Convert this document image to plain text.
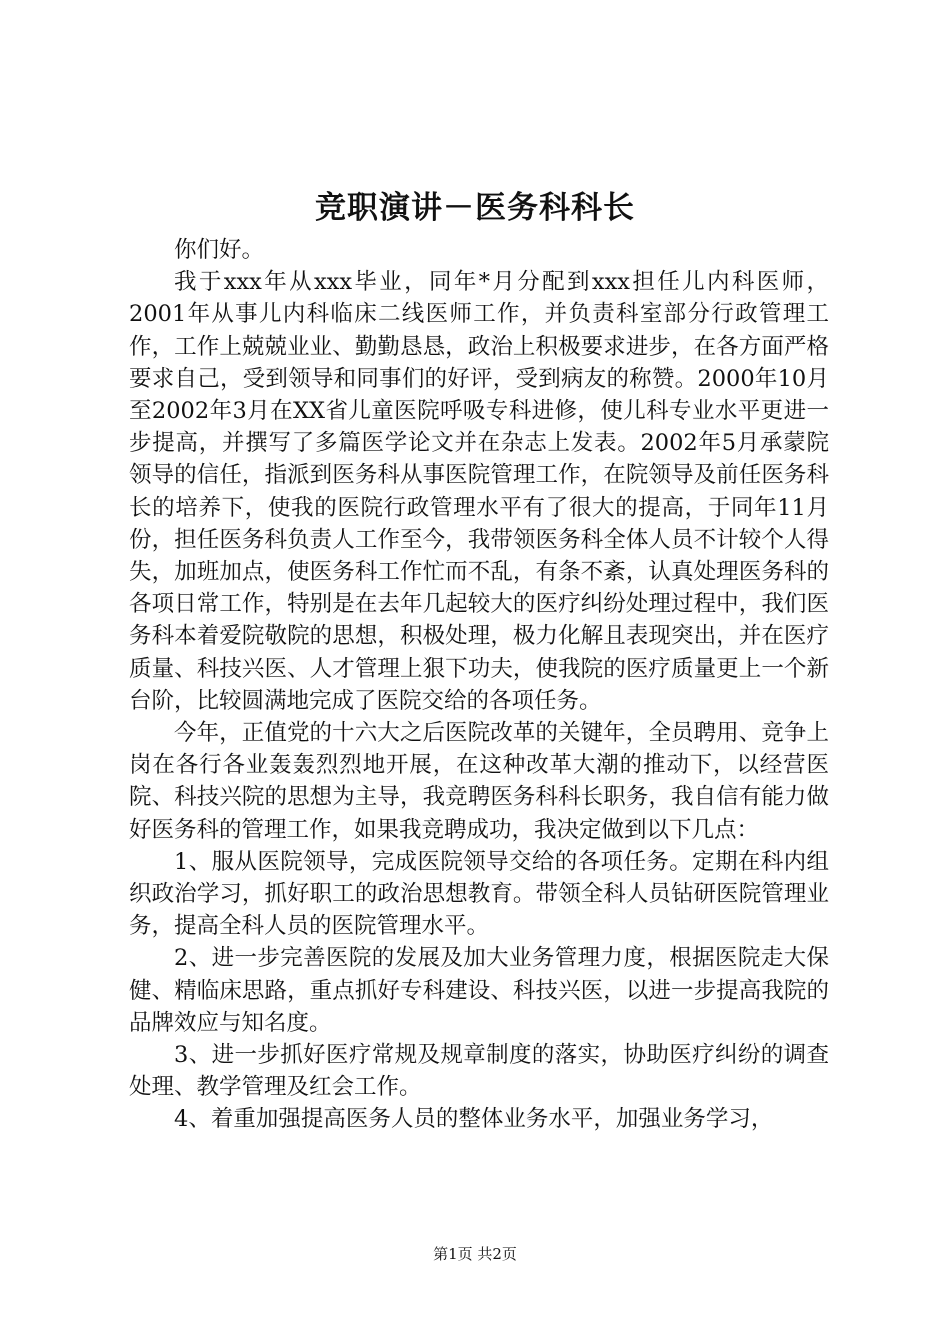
竞职演讲－医务科科长

你们好。

我于xxx年从xxx毕业，同年*月分配到xxx担任儿内科医师，2001年从事儿内科临床二线医师工作，并负责科室部分行政管理工作，工作上兢兢业业、勤勤恳恳，政治上积极要求进步，在各方面严格要求自己，受到领导和同事们的好评，受到病友的称赞。2000年10月至2002年3月在XX省儿童医院呼吸专科进修，使儿科专业水平更进一步提高，并撰写了多篇医学论文并在杂志上发表。2002年5月承蒙院领导的信任，指派到医务科从事医院管理工作，在院领导及前任医务科长的培养下，使我的医院行政管理水平有了很大的提高，于同年11月份，担任医务科负责人工作至今，我带领医务科全体人员不计较个人得失，加班加点，使医务科工作忙而不乱，有条不紊，认真处理医务科的各项日常工作，特别是在去年几起较大的医疗纠纷处理过程中，我们医务科本着爱院敬院的思想，积极处理，极力化解且表现突出，并在医疗质量、科技兴医、人才管理上狠下功夫，使我院的医疗质量更上一个新台阶，比较圆满地完成了医院交给的各项任务。

今年，正值党的十六大之后医院改革的关键年，全员聘用、竞争上岗在各行各业轰轰烈烈地开展，在这种改革大潮的推动下，以经营医院、科技兴院的思想为主导，我竞聘医务科科长职务，我自信有能力做好医务科的管理工作，如果我竞聘成功，我决定做到以下几点：

1、服从医院领导，完成医院领导交给的各项任务。定期在科内组织政治学习，抓好职工的政治思想教育。带领全科人员钻研医院管理业务，提高全科人员的医院管理水平。

2、进一步完善医院的发展及加大业务管理力度，根据医院走大保健、精临床思路，重点抓好专科建设、科技兴医，以进一步提高我院的品牌效应与知名度。

3、进一步抓好医疗常规及规章制度的落实，协助医疗纠纷的调查处理、教学管理及红会工作。

4、着重加强提高医务人员的整体业务水平，加强业务学习，

第1页 共2页
